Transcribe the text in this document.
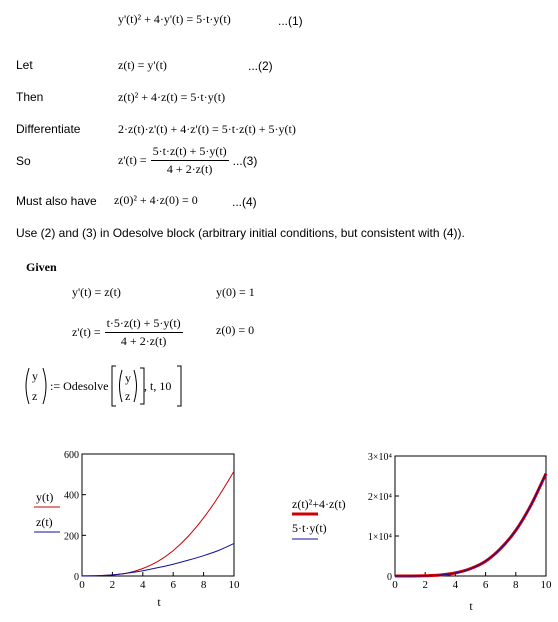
y'(t)² + 4·y'(t) = 5·t·y(t)	...(1)
Let	z(t) = y'(t)	...(2)
Then	z(t)² + 4·z(t) = 5·t·y(t)
Differentiate	2·z(t)·z'(t) + 4·z'(t) = 5·t·z(t) + 5·y(t)
So	$z'(t) = \frac{5\cdot t\cdot z(t) + 5\cdot y(t)}{4 + 2\cdot z(t)} ...(3)$
Must also have z(0)² + 4·z(0) = 0	...(4)
Use (2) and (3) in Odesolve block (arbitrary initial conditions, but consistent with (4)).
Given
y'(t) = z(t)	y(0) = 1
$z'(t) = \frac{t\cdot 5\cdot z(t) + 5\cdot y(t)}{4 + 2\cdot z(t)}$	z(0) = 0
y
z
:= Odesolve
y
z
, t, 10
0 2 4 6 8 10
0
200
400
600
t
y(t)
z(t)
0 2 4 6 8 10
0
1×10⁴
2×10⁴
3×10⁴
t
z(t)²+4·z(t)
5·t·y(t)
